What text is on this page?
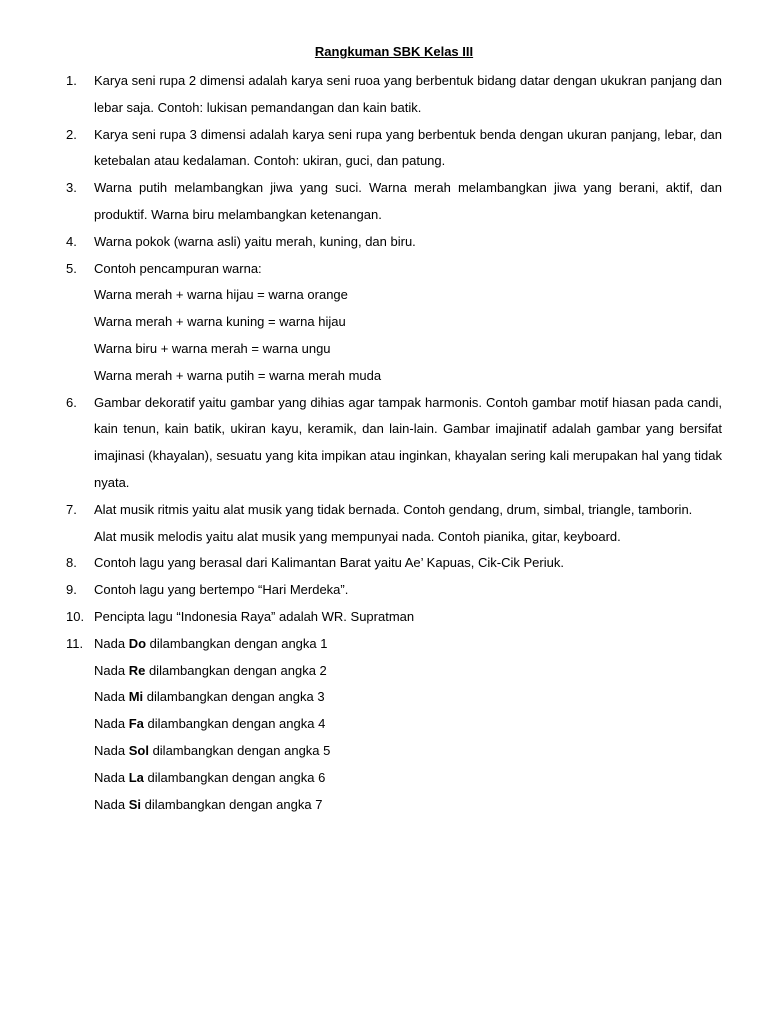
Rangkuman SBK Kelas III
1.	Karya seni rupa 2 dimensi adalah karya seni ruoa yang berbentuk bidang datar dengan ukukran panjang dan lebar saja. Contoh: lukisan pemandangan dan kain batik.
2.	Karya seni rupa 3 dimensi adalah karya seni rupa yang berbentuk benda dengan ukuran panjang, lebar, dan ketebalan atau kedalaman. Contoh: ukiran, guci, dan patung.
3.	Warna putih melambangkan jiwa yang suci. Warna merah melambangkan jiwa yang berani, aktif, dan produktif. Warna biru melambangkan ketenangan.
4.	Warna pokok (warna asli) yaitu merah, kuning, dan biru.
5.	Contoh pencampuran warna:
Warna merah + warna hijau = warna orange
Warna merah + warna kuning = warna hijau
Warna biru + warna merah = warna ungu
Warna merah + warna putih = warna merah muda
6.	Gambar dekoratif yaitu gambar yang dihias agar tampak harmonis. Contoh gambar motif hiasan pada candi, kain tenun, kain batik, ukiran kayu, keramik, dan lain-lain. Gambar imajinatif adalah gambar yang bersifat imajinasi (khayalan), sesuatu yang kita impikan atau inginkan, khayalan sering kali merupakan hal yang tidak nyata.
7.	Alat musik ritmis yaitu alat musik yang tidak bernada. Contoh gendang, drum, simbal, triangle, tamborin.
Alat musik melodis yaitu alat musik yang mempunyai nada. Contoh pianika, gitar, keyboard.
8.	Contoh lagu yang berasal dari Kalimantan Barat yaitu Ae’ Kapuas, Cik-Cik Periuk.
9.	Contoh lagu yang bertempo “Hari Merdeka”.
10. Pencipta lagu “Indonesia Raya” adalah WR. Supratman
11. Nada Do dilambangkan dengan angka 1
Nada Re dilambangkan dengan angka 2
Nada Mi dilambangkan dengan angka 3
Nada Fa dilambangkan dengan angka 4
Nada Sol dilambangkan dengan angka 5
Nada La dilambangkan dengan angka 6
Nada Si dilambangkan dengan angka 7
